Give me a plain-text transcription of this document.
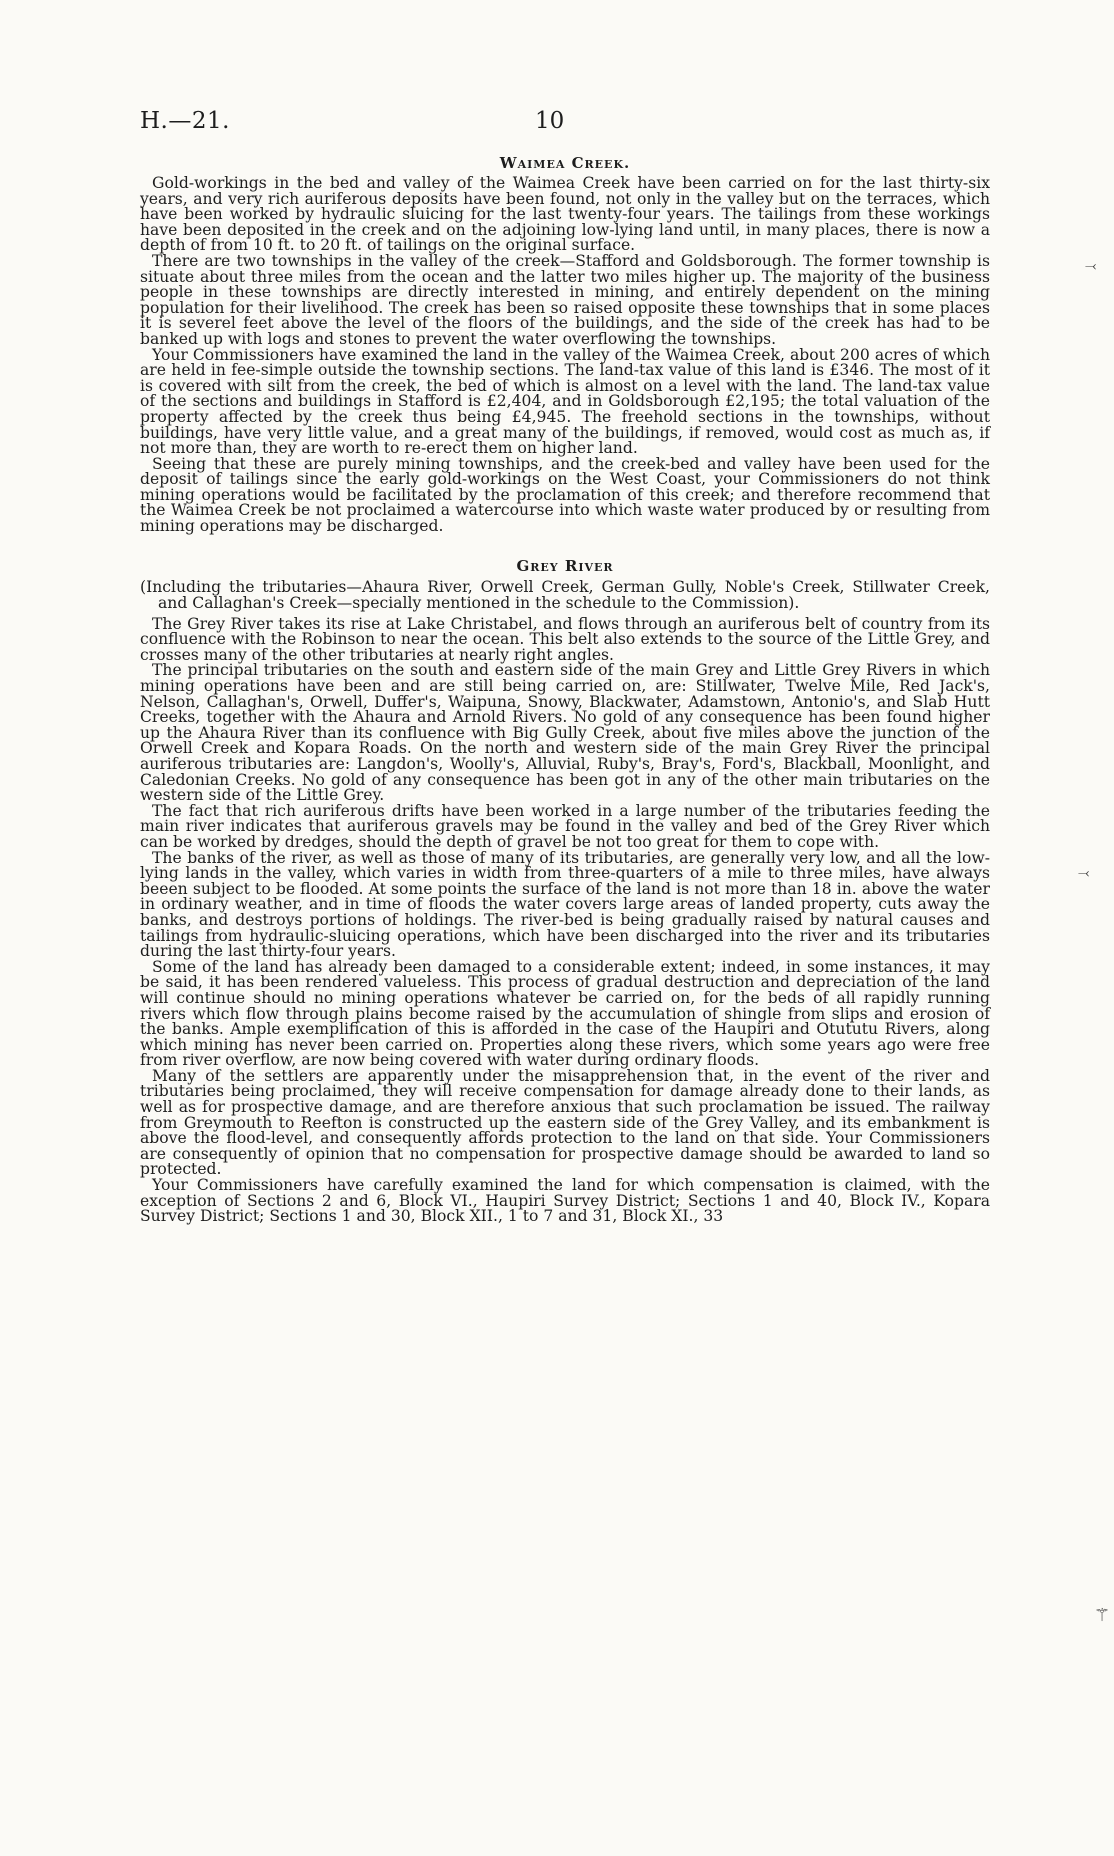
H.—21.	10
Waimea Creek.

Gold-workings in the bed and valley of the Waimea Creek have been carried on for the last thirty-six years, and very rich auriferous deposits have been found, not only in the valley but on the terraces, which have been worked by hydraulic sluicing for the last twenty-four years. The tailings from these workings have been deposited in the creek and on the adjoining low-lying land until, in many places, there is now a depth of from 10 ft. to 20 ft. of tailings on the original surface.

There are two townships in the valley of the creek—Stafford and Goldsborough. The former township is situate about three miles from the ocean and the latter two miles higher up. The majority of the business people in these townships are directly interested in mining, and entirely dependent on the mining population for their livelihood. The creek has been so raised opposite these townships that in some places it is severel feet above the level of the floors of the buildings, and the side of the creek has had to be banked up with logs and stones to prevent the water overflowing the townships.

Your Commissioners have examined the land in the valley of the Waimea Creek, about 200 acres of which are held in fee-simple outside the township sections. The land-tax value of this land is £346. The most of it is covered with silt from the creek, the bed of which is almost on a level with the land. The land-tax value of the sections and buildings in Stafford is £2,404, and in Goldsborough £2,195; the total valuation of the property affected by the creek thus being £4,945. The freehold sections in the townships, without buildings, have very little value, and a great many of the buildings, if removed, would cost as much as, if not more than, they are worth to re-erect them on higher land.

Seeing that these are purely mining townships, and the creek-bed and valley have been used for the deposit of tailings since the early gold-workings on the West Coast, your Commissioners do not think mining operations would be facilitated by the proclamation of this creek; and therefore recommend that the Waimea Creek be not proclaimed a watercourse into which waste water produced by or resulting from mining operations may be discharged.

Grey River
(Including the tributaries—Ahaura River, Orwell Creek, German Gully, Noble's Creek, Stillwater Creek, and Callaghan's Creek—specially mentioned in the schedule to the Commission).

The Grey River takes its rise at Lake Christabel, and flows through an auriferous belt of country from its confluence with the Robinson to near the ocean. This belt also extends to the source of the Little Grey, and crosses many of the other tributaries at nearly right angles.

The principal tributaries on the south and eastern side of the main Grey and Little Grey Rivers in which mining operations have been and are still being carried on, are: Stillwater, Twelve Mile, Red Jack's, Nelson, Callaghan's, Orwell, Duffer's, Waipuna, Snowy, Blackwater, Adamstown, Antonio's, and Slab Hutt Creeks, together with the Ahaura and Arnold Rivers. No gold of any consequence has been found higher up the Ahaura River than its confluence with Big Gully Creek, about five miles above the junction of the Orwell Creek and Kopara Roads. On the north and western side of the main Grey River the principal auriferous tributaries are: Langdon's, Woolly's, Alluvial, Ruby's, Bray's, Ford's, Blackball, Moonlight, and Caledonian Creeks. No gold of any consequence has been got in any of the other main tributaries on the western side of the Little Grey.

The fact that rich auriferous drifts have been worked in a large number of the tributaries feeding the main river indicates that auriferous gravels may be found in the valley and bed of the Grey River which can be worked by dredges, should the depth of gravel be not too great for them to cope with.

The banks of the river, as well as those of many of its tributaries, are generally very low, and all the low-lying lands in the valley, which varies in width from three-quarters of a mile to three miles, have always beeen subject to be flooded. At some points the surface of the land is not more than 18 in. above the water in ordinary weather, and in time of floods the water covers large areas of landed property, cuts away the banks, and destroys portions of holdings. The river-bed is being gradually raised by natural causes and tailings from hydraulic-sluicing operations, which have been discharged into the river and its tributaries during the last thirty-four years.

Some of the land has already been damaged to a considerable extent; indeed, in some instances, it may be said, it has been rendered valueless. This process of gradual destruction and depreciation of the land will continue should no mining operations whatever be carried on, for the beds of all rapidly running rivers which flow through plains become raised by the accumulation of shingle from slips and erosion of the banks. Ample exemplification of this is afforded in the case of the Haupiri and Otututu Rivers, along which mining has never been carried on. Properties along these rivers, which some years ago were free from river overflow, are now being covered with water during ordinary floods.

Many of the settlers are apparently under the misapprehension that, in the event of the river and tributaries being proclaimed, they will receive compensation for damage already done to their lands, as well as for prospective damage, and are therefore anxious that such proclamation be issued. The railway from Greymouth to Reefton is constructed up the eastern side of the Grey Valley, and its embankment is above the flood-level, and consequently affords protection to the land on that side. Your Commissioners are consequently of opinion that no compensation for prospective damage should be awarded to land so protected.

Your Commissioners have carefully examined the land for which compensation is claimed, with the exception of Sections 2 and 6, Block VI., Haupiri Survey District; Sections 1 and 40, Block IV., Kopara Survey District; Sections 1 and 30, Block XII., 1 to 7 and 31, Block XI., 33

⤙
⤙
⚚
